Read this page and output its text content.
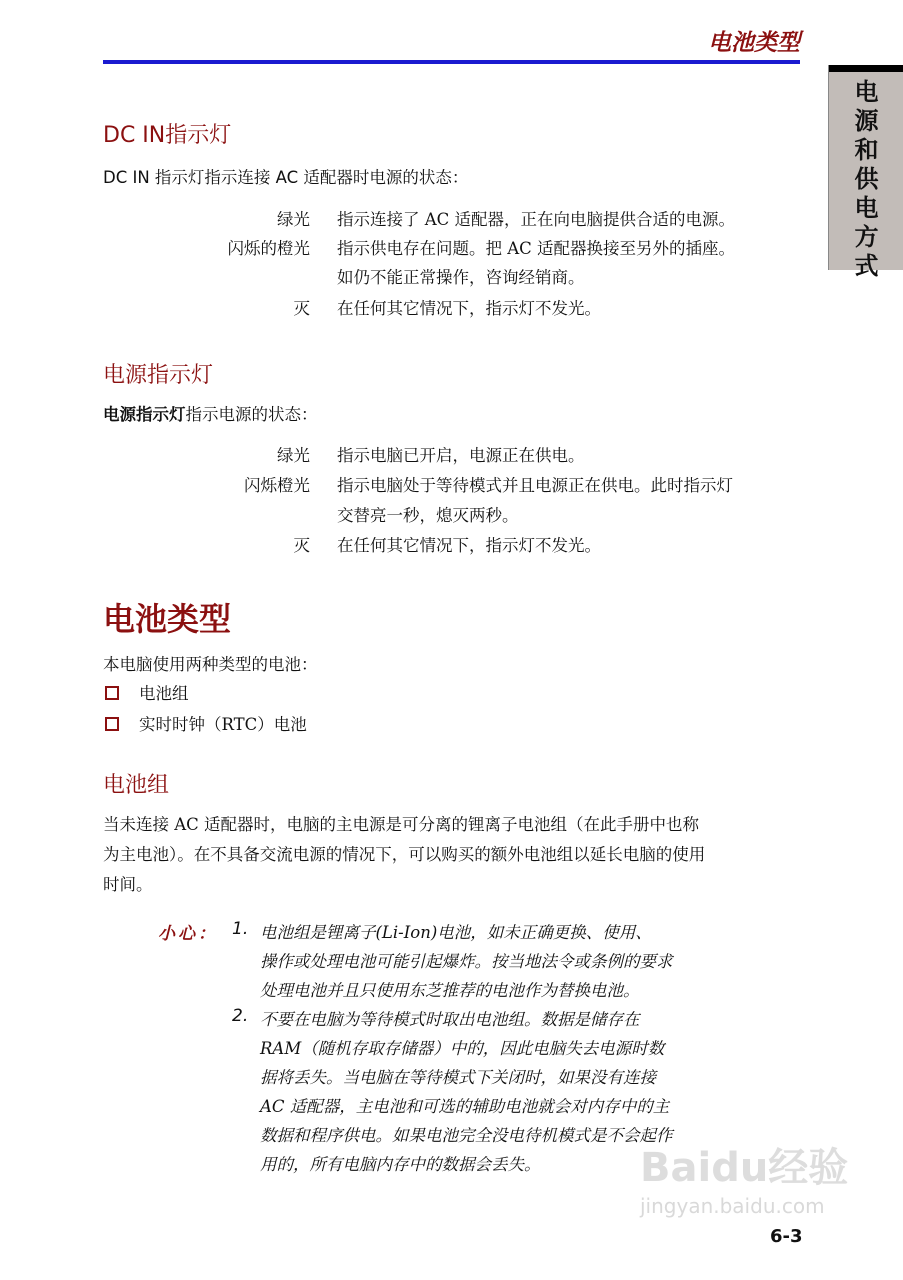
电池类型
电源和供电方式
DC IN指示灯
DC IN 指示灯指示连接 AC 适配器时电源的状态：
绿光 指示连接了 AC 适配器，正在向电脑提供合适的电源。
闪烁的橙光 指示供电存在问题。把 AC 适配器换接至另外的插座。
如仍不能正常操作，咨询经销商。
灭 在任何其它情况下，指示灯不发光。
电源指示灯
电源指示灯指示电源的状态：
绿光 指示电脑已开启，电源正在供电。
闪烁橙光 指示电脑处于等待模式并且电源正在供电。此时指示灯
交替亮一秒，熄灭两秒。
灭 在任何其它情况下，指示灯不发光。
电池类型
本电脑使用两种类型的电池：
电池组
实时时钟（RTC）电池
电池组
当未连接 AC 适配器时，电脑的主电源是可分离的锂离子电池组（在此手册中也称
为主电池）。在不具备交流电源的情况下，可以购买的额外电池组以延长电脑的使用
时间。
小心： 1. 电池组是锂离子(Li-Ion)电池，如未正确更换、使用、
操作或处理电池可能引起爆炸。按当地法令或条例的要求
处理电池并且只使用东芝推荐的电池作为替换电池。
2. 不要在电脑为等待模式时取出电池组。数据是储存在
RAM（随机存取存储器）中的，因此电脑失去电源时数
据将丢失。当电脑在等待模式下关闭时，如果没有连接
AC 适配器，主电池和可选的辅助电池就会对内存中的主
数据和程序供电。如果电池完全没电待机模式是不会起作
用的，所有电脑内存中的数据会丢失。 Baidu经验
jingyan.baidu.com
6-3
